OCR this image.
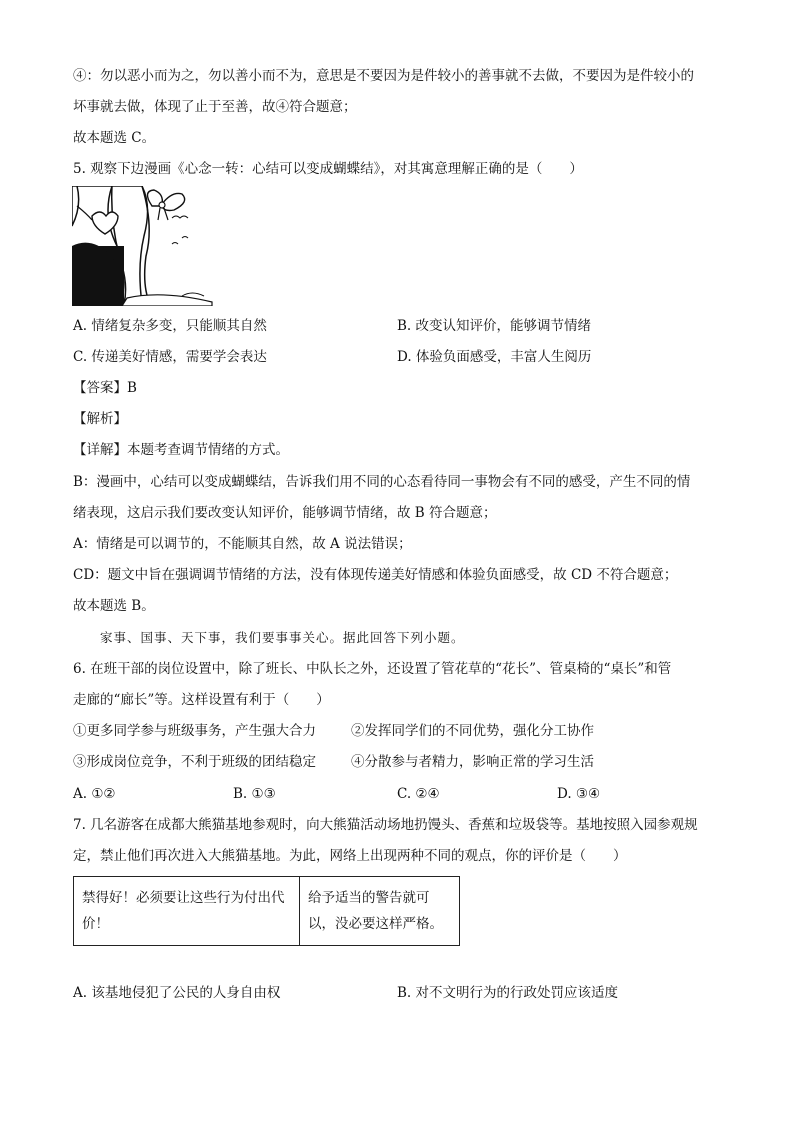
④：勿以恶小而为之，勿以善小而不为，意思是不要因为是件较小的善事就不去做，不要因为是件较小的
坏事就去做，体现了止于至善，故④符合题意；
故本题选 C。
5. 观察下边漫画《心念一转：心结可以变成蝴蝶结》，对其寓意理解正确的是（　　）
A. 情绪复杂多变，只能顺其自然	B. 改变认知评价，能够调节情绪
C. 传递美好情感，需要学会表达	D. 体验负面感受，丰富人生阅历
【答案】B
【解析】
【详解】本题考查调节情绪的方式。
B：漫画中，心结可以变成蝴蝶结，告诉我们用不同的心态看待同一事物会有不同的感受，产生不同的情
绪表现，这启示我们要改变认知评价，能够调节情绪，故 B 符合题意；
A：情绪是可以调节的，不能顺其自然，故 A 说法错误；
CD：题文中旨在强调调节情绪的方法，没有体现传递美好情感和体验负面感受，故 CD 不符合题意；
故本题选 B。
家事、国事、天下事，我们要事事关心。据此回答下列小题。
6. 在班干部的岗位设置中，除了班长、中队长之外，还设置了管花草的“花长”、管桌椅的“桌长”和管
走廊的“廊长”等。这样设置有利于（　　）
①更多同学参与班级事务，产生强大合力	②发挥同学们的不同优势，强化分工协作
③形成岗位竞争，不利于班级的团结稳定	④分散参与者精力，影响正常的学习生活
A. ①②	B. ①③	C. ②④	D. ③④
7. 几名游客在成都大熊猫基地参观时，向大熊猫活动场地扔馒头、香蕉和垃圾袋等。基地按照入园参观规
定，禁止他们再次进入大熊猫基地。为此，网络上出现两种不同的观点，你的评价是（　　）
禁得好！必须要让这些行为付出代价！
给予适当的警告就可以，没必要这样严格。
A. 该基地侵犯了公民的人身自由权	B. 对不文明行为的行政处罚应该适度
